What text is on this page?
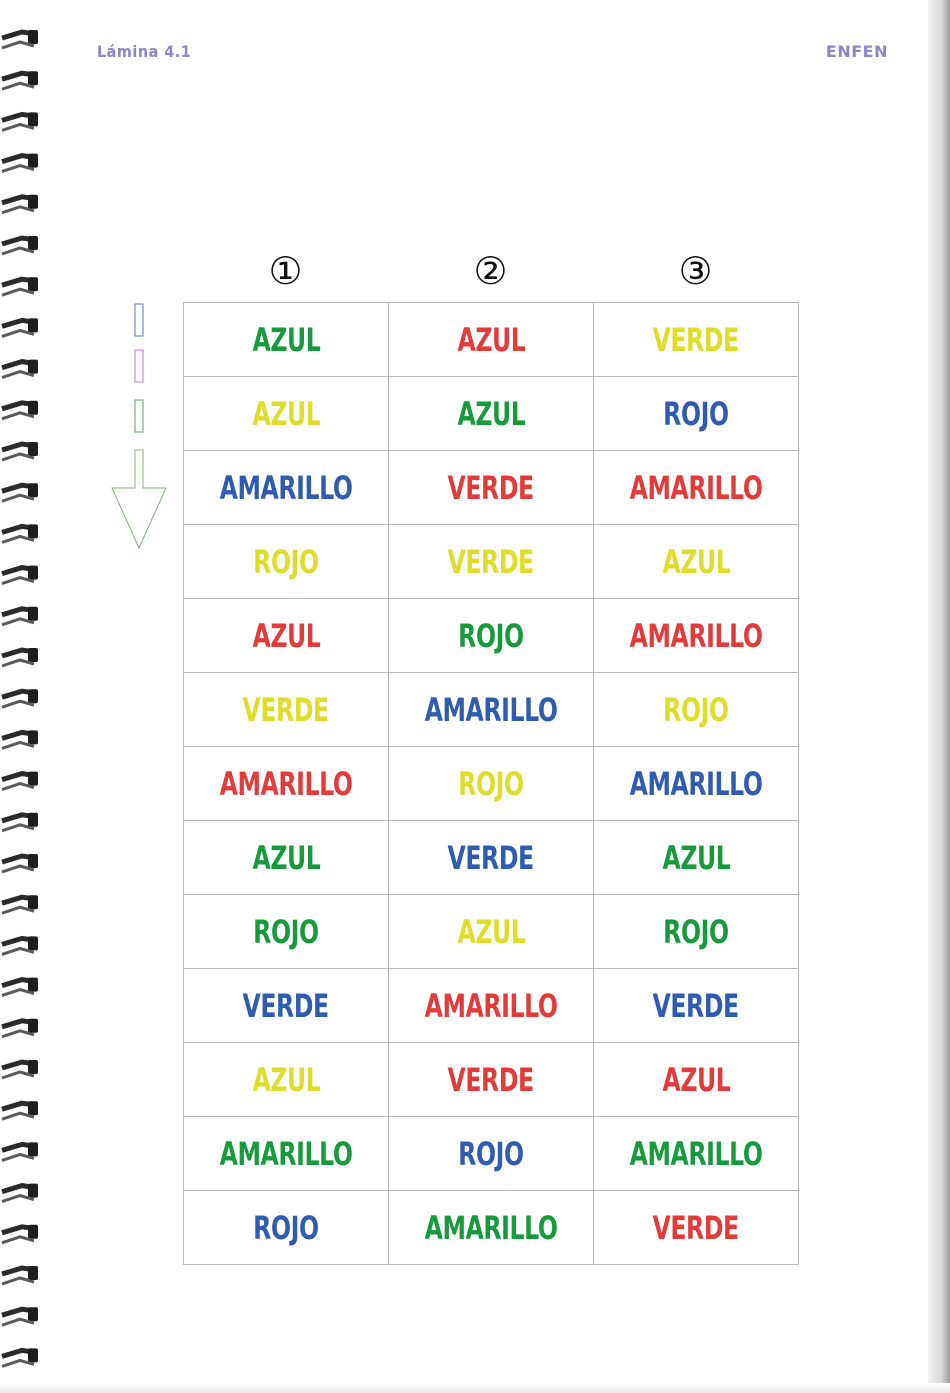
Lámina 4.1	ENFEN
①	②	③
AZUL	AZUL	VERDE
AZUL	AZUL	ROJO
AMARILLO	VERDE	AMARILLO
ROJO	VERDE	AZUL
AZUL	ROJO	AMARILLO
VERDE	AMARILLO	ROJO
AMARILLO	ROJO	AMARILLO
AZUL	VERDE	AZUL
ROJO	AZUL	ROJO
VERDE	AMARILLO	VERDE
AZUL	VERDE	AZUL
AMARILLO	ROJO	AMARILLO
ROJO	AMARILLO	VERDE
